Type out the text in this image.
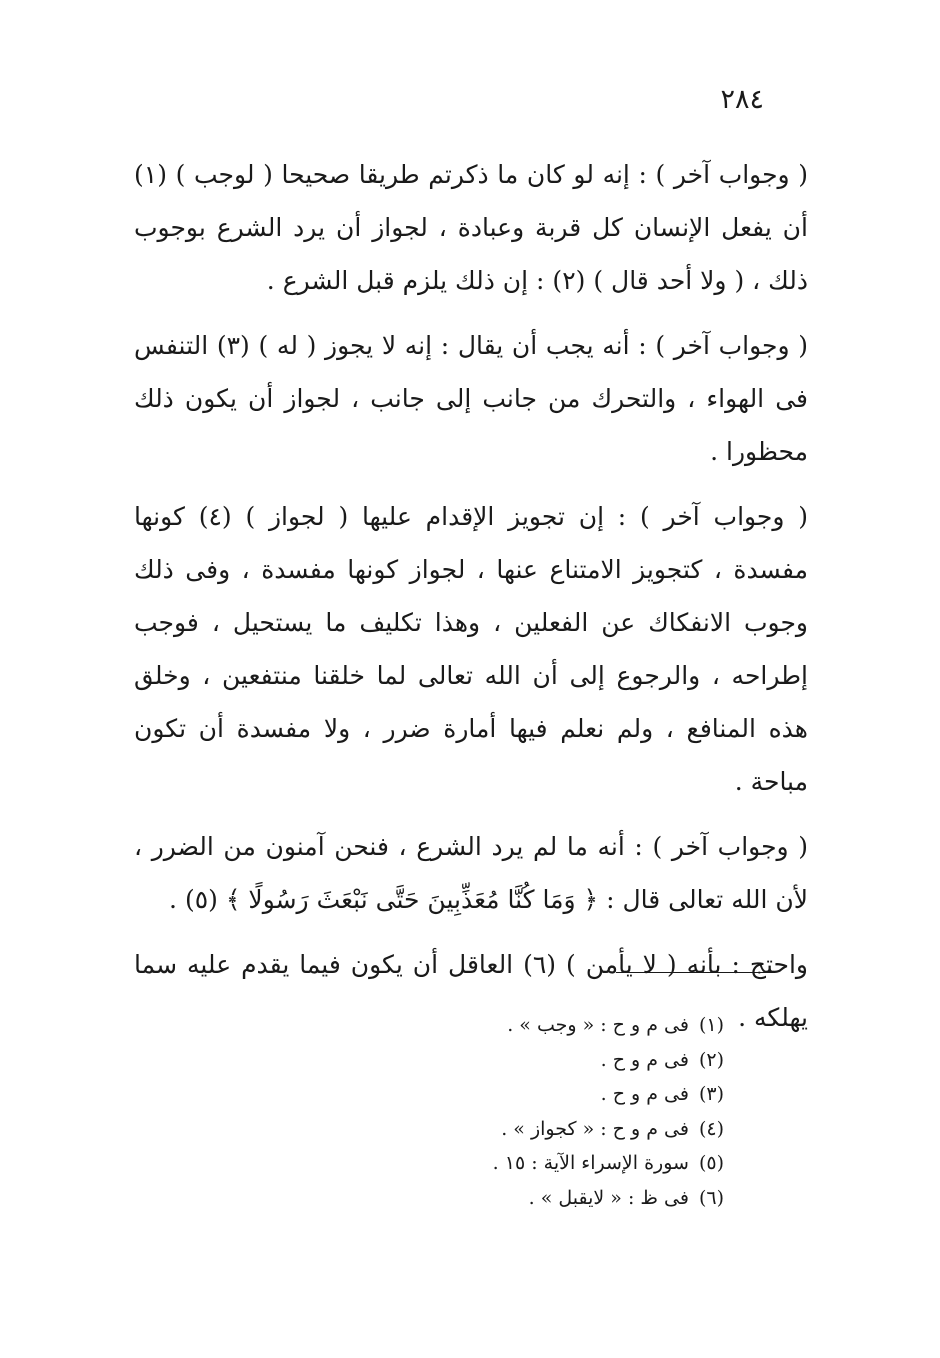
٢٨٤

( وجواب آخر ) : إنه لو كان ما ذكرتم طريقا صحيحا ( لوجب ) (١) أن يفعل الإنسان كل قربة وعبادة ، لجواز أن يرد الشرع بوجوب ذلك ، ( ولا أحد قال ) (٢) : إن ذلك يلزم قبل الشرع .

( وجواب آخر ) : أنه يجب أن يقال : إنه لا يجوز ( له ) (٣) التنفس فى الهواء ، والتحرك من جانب إلى جانب ، لجواز أن يكون ذلك محظورا .

( وجواب آخر ) : إن تجويز الإقدام عليها ( لجواز ) (٤) كونها مفسدة ، كتجويز الامتناع عنها ، لجواز كونها مفسدة ، وفى ذلك وجوب الانفكاك عن الفعلين ، وهذا تكليف ما يستحيل ، فوجب إطراحه ، والرجوع إلى أن الله تعالى لما خلقنا منتفعين ، وخلق هذه المنافع ، ولم نعلم فيها أمارة ضرر ، ولا مفسدة أن تكون مباحة .

( وجواب آخر ) : أنه ما لم يرد الشرع ، فنحن آمنون من الضرر ، لأن الله تعالى قال : ﴿ وَمَا كُنَّا مُعَذِّبِينَ حَتَّى نَبْعَثَ رَسُولًا ﴾ (٥) .

واحتج : بأنه ( لا يأمن ) (٦) العاقل أن يكون فيما يقدم عليه سما يهلكه .

(١)فى م و ح : « وجب » .
(٢)فى م و ح .
(٣)فى م و ح .
(٤)فى م و ح : « كجواز » .
(٥)سورة الإسراء الآية : ١٥ .
(٦)فى ظ : « لايقبل » .
